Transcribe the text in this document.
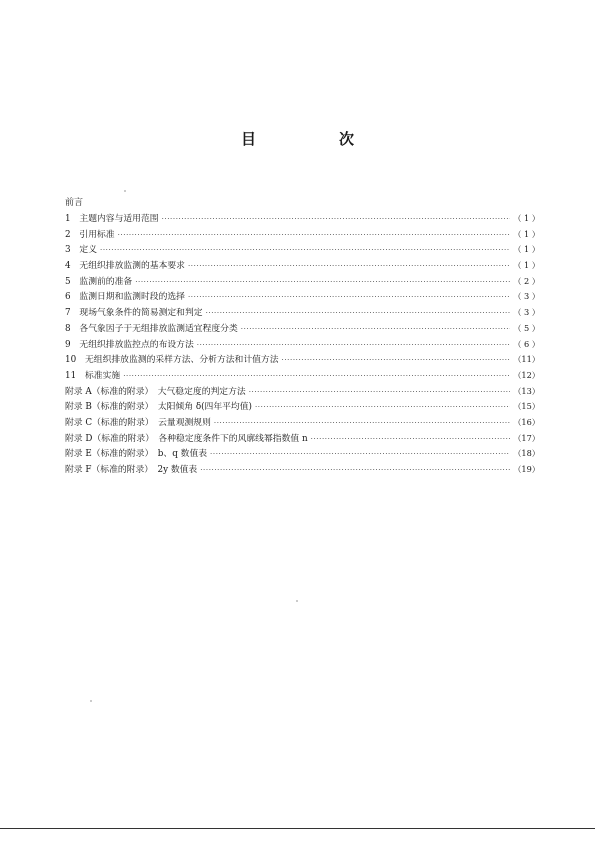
目　次
前言
1　主题内容与适用范围 ·····	（ 1 ）
2　引用标准 ·····	（ 1 ）
3　定义 ·····	（ 1 ）
4　无组织排放监测的基本要求 ·····	（ 1 ）
5　监测前的准备 ·····	（ 2 ）
6　监测日期和监测时段的选择 ·····	（ 3 ）
7　现场气象条件的简易测定和判定 ·····	（ 3 ）
8　各气象因子于无组排放监测适宜程度分类 ·····	（ 5 ）
9　无组织排放监控点的布设方法 ·····	（ 6 ）
10　无组织排放监测的采样方法、分析方法和计值方法 ·····	（11）
11　标准实施 ·····	（12）
附录 A（标准的附录）　大气稳定度的判定方法 ·····	（13）
附录 B（标准的附录）　太阳倾角 δ(四年平均值) ·····	（15）
附录 C（标准的附录）　云量观测规则 ·····	（16）
附录 D（标准的附录）　各种稳定度条件下的风廓线幂指数值 n ·····	（17）
附录 E（标准的附录）　b、q 数值表 ·····	（18）
附录 F（标准的附录）　2y 数值表 ·····	（19）
